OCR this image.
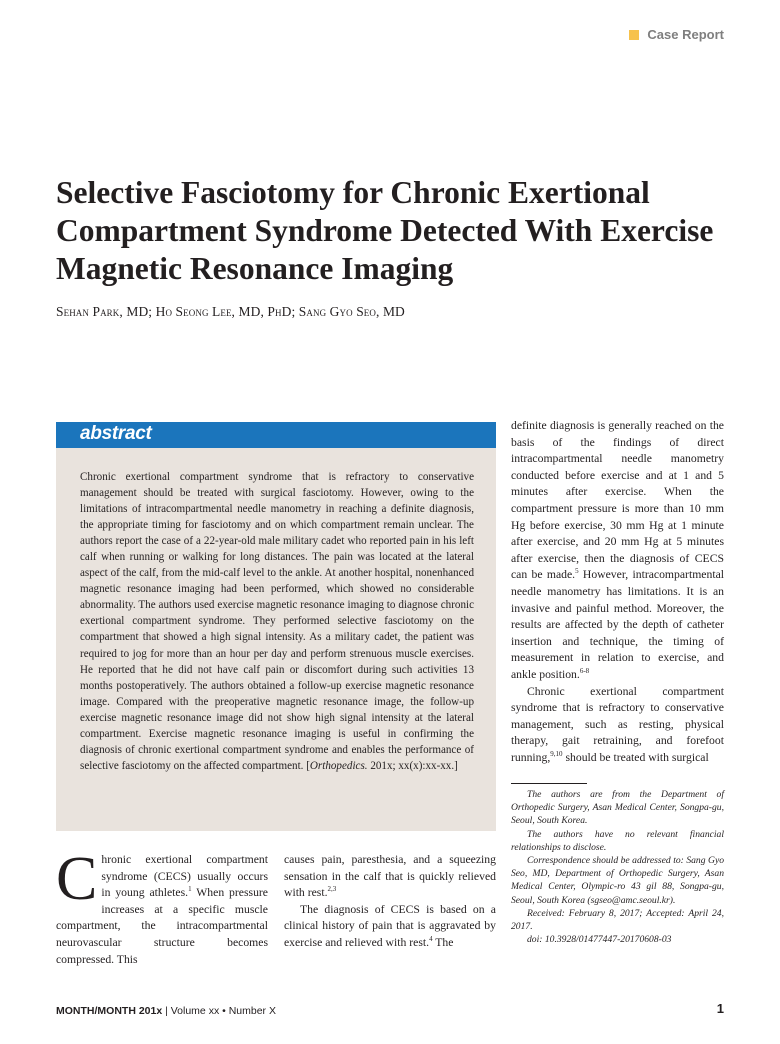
Case Report
Selective Fasciotomy for Chronic Exertional Compartment Syndrome Detected With Exercise Magnetic Resonance Imaging
Sehan Park, MD; Ho Seong Lee, MD, PhD; Sang Gyo Seo, MD
abstract
Chronic exertional compartment syndrome that is refractory to conservative management should be treated with surgical fasciotomy. However, owing to the limitations of intracompartmental needle manometry in reaching a definite diagnosis, the appropriate timing for fasciotomy and on which compartment remain unclear. The authors report the case of a 22-year-old male military cadet who reported pain in his left calf when running or walking for long distances. The pain was located at the lateral aspect of the calf, from the mid-calf level to the ankle. At another hospital, nonenhanced magnetic resonance imaging had been performed, which showed no considerable abnormality. The authors used exercise magnetic resonance imaging to diagnose chronic exertional compartment syndrome. They performed selective fasciotomy on the compartment that showed a high signal intensity. As a military cadet, the patient was required to jog for more than an hour per day and perform strenuous muscle exercises. He reported that he did not have calf pain or discomfort during such activities 13 months postoperatively. The authors obtained a follow-up exercise magnetic resonance image. Compared with the preoperative magnetic resonance image, the follow-up exercise magnetic resonance image did not show high signal intensity at the lateral compartment. Exercise magnetic resonance imaging is useful in confirming the diagnosis of chronic exertional compartment syndrome and enables the performance of selective fasciotomy on the affected compartment. [Orthopedics. 201x; xx(x):xx-xx.]

Chronic exertional compartment syndrome (CECS) usually occurs in young athletes.$^1$ When pressure increases at a specific muscle compartment, the intracompartmental neurovascular structure becomes compressed. This

causes pain, paresthesia, and a squeezing sensation in the calf that is quickly relieved with rest.$^{2,3}$

The diagnosis of CECS is based on a clinical history of pain that is aggravated by exercise and relieved with rest.$^4$ The

definite diagnosis is generally reached on the basis of the findings of direct intracompartmental needle manometry conducted before exercise and at 1 and 5 minutes after exercise. When the compartment pressure is more than 10 mm Hg before exercise, 30 mm Hg at 1 minute after exercise, and 20 mm Hg at 5 minutes after exercise, then the diagnosis of CECS can be made.$^5$ However, intracompartmental needle manometry has limitations. It is an invasive and painful method. Moreover, the results are affected by the depth of catheter insertion and technique, the timing of measurement in relation to exercise, and ankle position.$^{6-8}$

Chronic exertional compartment syndrome that is refractory to conservative management, such as resting, physical therapy, gait retraining, and forefoot running,$^{9,10}$ should be treated with surgical

The authors are from the Department of Orthopedic Surgery, Asan Medical Center, Songpa-gu, Seoul, South Korea.

The authors have no relevant financial relationships to disclose.

Correspondence should be addressed to: Sang Gyo Seo, MD, Department of Orthopedic Surgery, Asan Medical Center, Olympic-ro 43 gil 88, Songpa-gu, Seoul, South Korea (sgseo@amc.seoul.kr).

Received: February 8, 2017; Accepted: April 24, 2017.

doi: 10.3928/01477447-20170608-03

MONTH/MONTH 201x | Volume xx • Number X	1
